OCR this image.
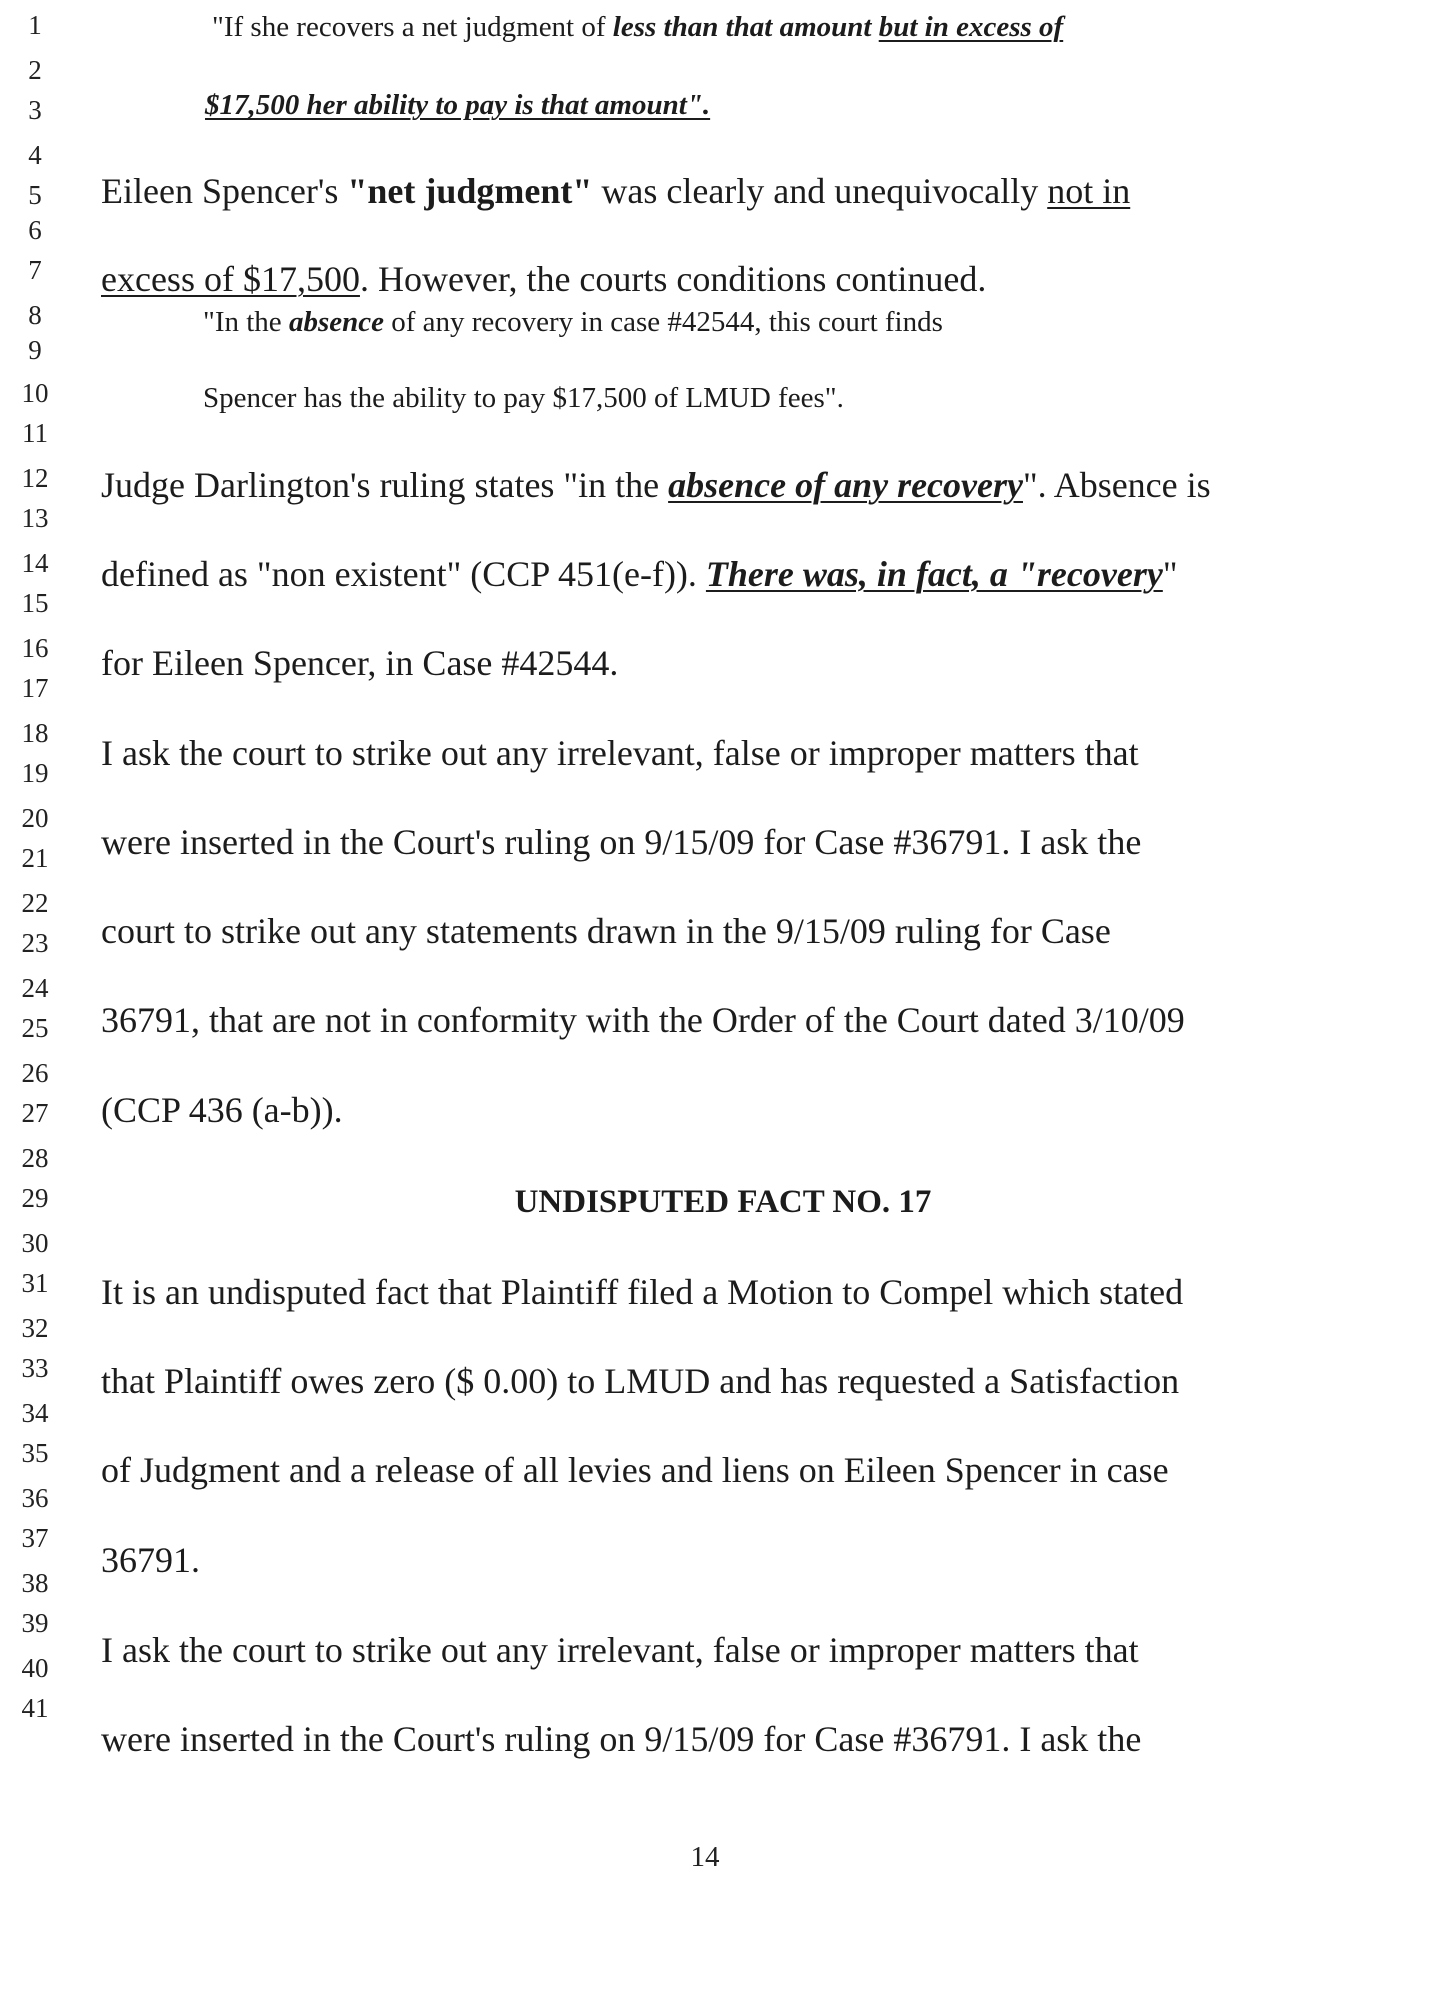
1
2
3
4
5
6
7
8
9
10
11
12
13
14
15
16
17
18
19
20
21
22
23
24
25
26
27
28
29
30
31
32
33
34
35
36
37
38
39
40
41
"If she recovers a net judgment of less than that amount but in excess of
$17,500 her ability to pay is that amount".
Eileen Spencer's "net judgment" was clearly and unequivocally not in
excess of $17,500. However, the courts conditions continued.
"In the absence of any recovery in case #42544, this court finds
Spencer has the ability to pay $17,500 of LMUD fees".
Judge Darlington's ruling states "in the absence of any recovery". Absence is
defined as "non existent" (CCP 451(e-f)). There was, in fact, a "recovery"
for Eileen Spencer, in Case #42544.
I ask the court to strike out any irrelevant, false or improper matters that
were inserted in the Court's ruling on 9/15/09 for Case #36791. I ask the
court to strike out any statements drawn in the 9/15/09 ruling for Case
36791, that are not in conformity with the Order of the Court dated 3/10/09
(CCP 436 (a-b)).
UNDISPUTED FACT NO. 17
It is an undisputed fact that Plaintiff filed a Motion to Compel which stated
that Plaintiff owes zero ($ 0.00) to LMUD and has requested a Satisfaction
of Judgment and a release of all levies and liens on Eileen Spencer in case
36791.
I ask the court to strike out any irrelevant, false or improper matters that
were inserted in the Court's ruling on 9/15/09 for Case #36791. I ask the
14
